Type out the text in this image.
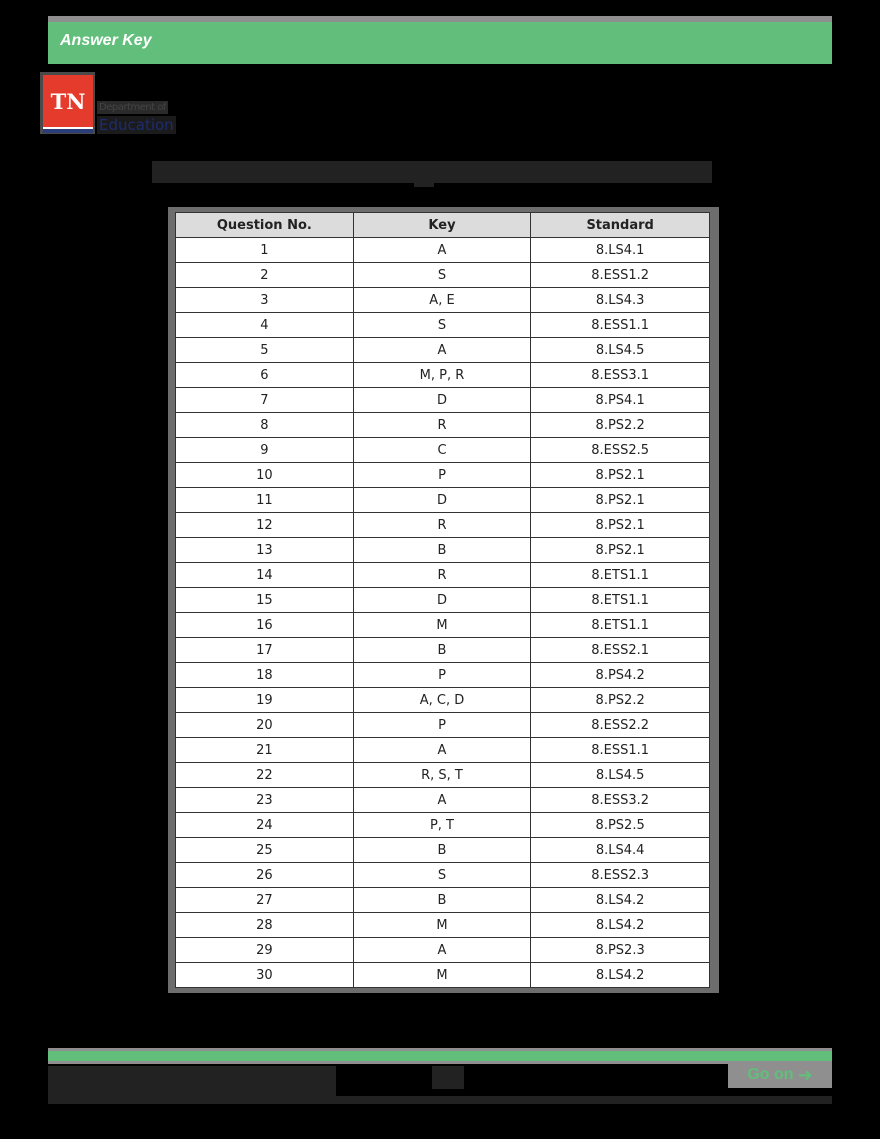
Answer Key
TN	Department of
Education
Question No.	Key	Standard
1	A	8.LS4.1
2	S	8.ESS1.2
3	A, E	8.LS4.3
4	S	8.ESS1.1
5	A	8.LS4.5
6	M, P, R	8.ESS3.1
7	D	8.PS4.1
8	R	8.PS2.2
9	C	8.ESS2.5
10	P	8.PS2.1
11	D	8.PS2.1
12	R	8.PS2.1
13	B	8.PS2.1
14	R	8.ETS1.1
15	D	8.ETS1.1
16	M	8.ETS1.1
17	B	8.ESS2.1
18	P	8.PS4.2
19	A, C, D	8.PS2.2
20	P	8.ESS2.2
21	A	8.ESS1.1
22	R, S, T	8.LS4.5
23	A	8.ESS3.2
24	P, T	8.PS2.5
25	B	8.LS4.4
26	S	8.ESS2.3
27	B	8.LS4.2
28	M	8.LS4.2
29	A	8.PS2.3
30	M	8.LS4.2
Go on ➜
